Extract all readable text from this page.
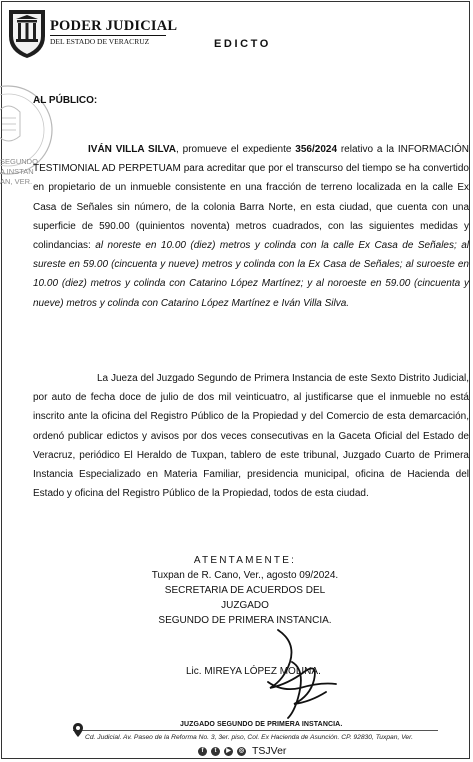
PODER JUDICIAL
DEL ESTADO DE VERACRUZ	EDICTO
SEGUNDO
A INSTAN
AN, VER.
AL PÚBLICO:

IVÁN VILLA SILVA, promueve el expediente 356/2024 relativo a la INFORMACIÓN TESTIMONIAL AD PERPETUAM para acreditar que por el transcurso del tiempo se ha convertido en propietario de un inmueble consistente en una fracción de terreno localizada en la calle Ex Casa de Señales sin número, de la colonia Barra Norte, en esta ciudad, que cuenta con una superficie de 590.00 (quinientos noventa) metros cuadrados, con las siguientes medidas y colindancias: al noreste en 10.00 (diez) metros y colinda con la calle Ex Casa de Señales; al sureste en 59.00 (cincuenta y nueve) metros y colinda con la Ex Casa de Señales; al suroeste en 10.00 (diez) metros y colinda con Catarino López Martínez; y al noroeste en 59.00 (cincuenta y nueve) metros y colinda con Catarino López Martínez e Iván Villa Silva.

La Jueza del Juzgado Segundo de Primera Instancia de este Sexto Distrito Judicial, por auto de fecha doce de julio de dos mil veinticuatro, al justificarse que el inmueble no está inscrito ante la oficina del Registro Público de la Propiedad y del Comercio de esta demarcación, ordenó publicar edictos y avisos por dos veces consecutivas en la Gaceta Oficial del Estado de Veracruz, periódico El Heraldo de Tuxpan, tablero de este tribunal, Juzgado Cuarto de Primera Instancia Especializado en Materia Familiar, presidencia municipal, oficina de Hacienda del Estado y oficina del Registro Público de la Propiedad, todos de esta ciudad.

ATENTAMENTE:
Tuxpan de R. Cano, Ver., agosto 09/2024.
SECRETARIA DE ACUERDOS DEL JUZGADO
SEGUNDO DE PRIMERA INSTANCIA.
Lic. MIREYA LÓPEZ MOLINA.
JUZGADO SEGUNDO DE PRIMERA INSTANCIA.
Cd. Judicial. Av. Paseo de la Reforma No. 3, 3er. piso, Col. Ex Hacienda de Asunción. CP. 92830, Tuxpan, Ver.
f	t	▶	◎ TSJVer
